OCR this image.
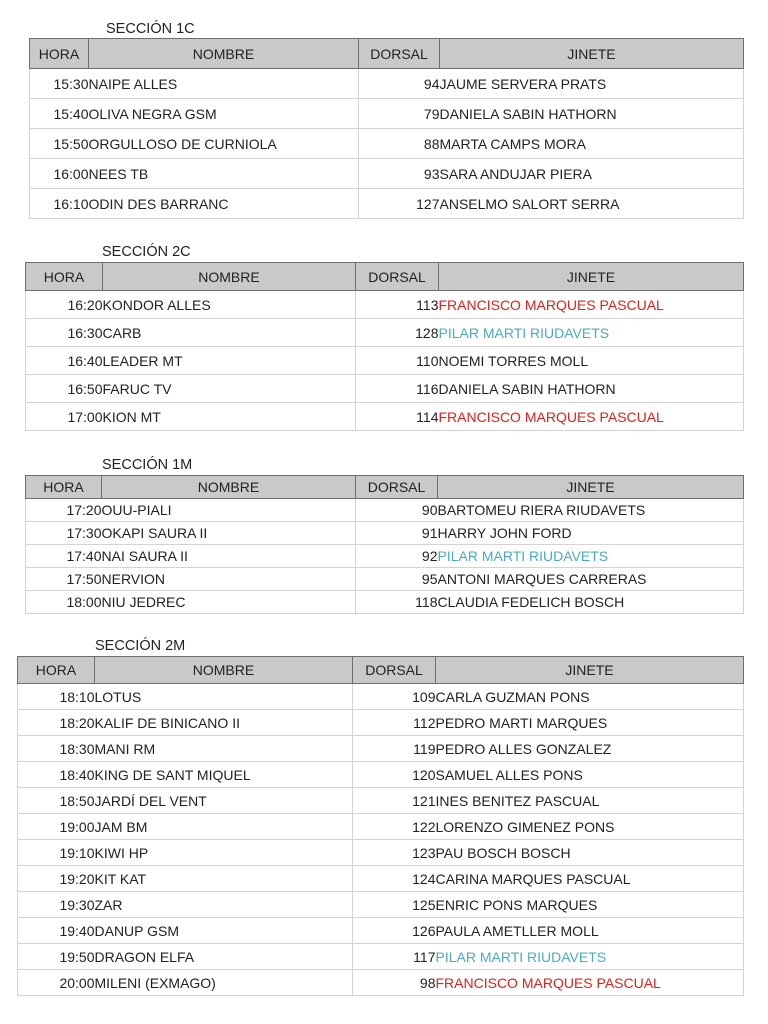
SECCIÓN 1C
HORA	NOMBRE	DORSAL	JINETE
15:30	NAIPE ALLES	94	JAUME SERVERA PRATS
15:40	OLIVA NEGRA GSM	79	DANIELA SABIN HATHORN
15:50	ORGULLOSO DE CURNIOLA	88	MARTA CAMPS MORA
16:00	NEES TB	93	SARA ANDUJAR PIERA
16:10	ODIN DES BARRANC	127	ANSELMO SALORT SERRA
SECCIÓN 2C
HORA	NOMBRE	DORSAL	JINETE
16:20	KONDOR ALLES	113	FRANCISCO MARQUES PASCUAL
16:30	CARB	128	PILAR MARTI RIUDAVETS
16:40	LEADER MT	110	NOEMI TORRES MOLL
16:50	FARUC TV	116	DANIELA SABIN HATHORN
17:00	KION MT	114	FRANCISCO MARQUES PASCUAL
SECCIÓN 1M
HORA	NOMBRE	DORSAL	JINETE
17:20	OUU-PIALI	90	BARTOMEU RIERA RIUDAVETS
17:30	OKAPI SAURA II	91	HARRY JOHN FORD
17:40	NAI SAURA II	92	PILAR MARTI RIUDAVETS
17:50	NERVION	95	ANTONI MARQUES CARRERAS
18:00	NIU JEDREC	118	CLAUDIA FEDELICH BOSCH
SECCIÓN 2M
HORA	NOMBRE	DORSAL	JINETE
18:10	LOTUS	109	CARLA GUZMAN PONS
18:20	KALIF DE BINICANO II	112	PEDRO MARTI MARQUES
18:30	MANI RM	119	PEDRO ALLES GONZALEZ
18:40	KING DE SANT MIQUEL	120	SAMUEL ALLES PONS
18:50	JARDÍ DEL VENT	121	INES BENITEZ PASCUAL
19:00	JAM BM	122	LORENZO GIMENEZ PONS
19:10	KIWI HP	123	PAU BOSCH BOSCH
19:20	KIT KAT	124	CARINA MARQUES PASCUAL
19:30	ZAR	125	ENRIC PONS MARQUES
19:40	DANUP GSM	126	PAULA AMETLLER MOLL
19:50	DRAGON ELFA	117	PILAR MARTI RIUDAVETS
20:00	MILENI (EXMAGO)	98	FRANCISCO MARQUES PASCUAL
